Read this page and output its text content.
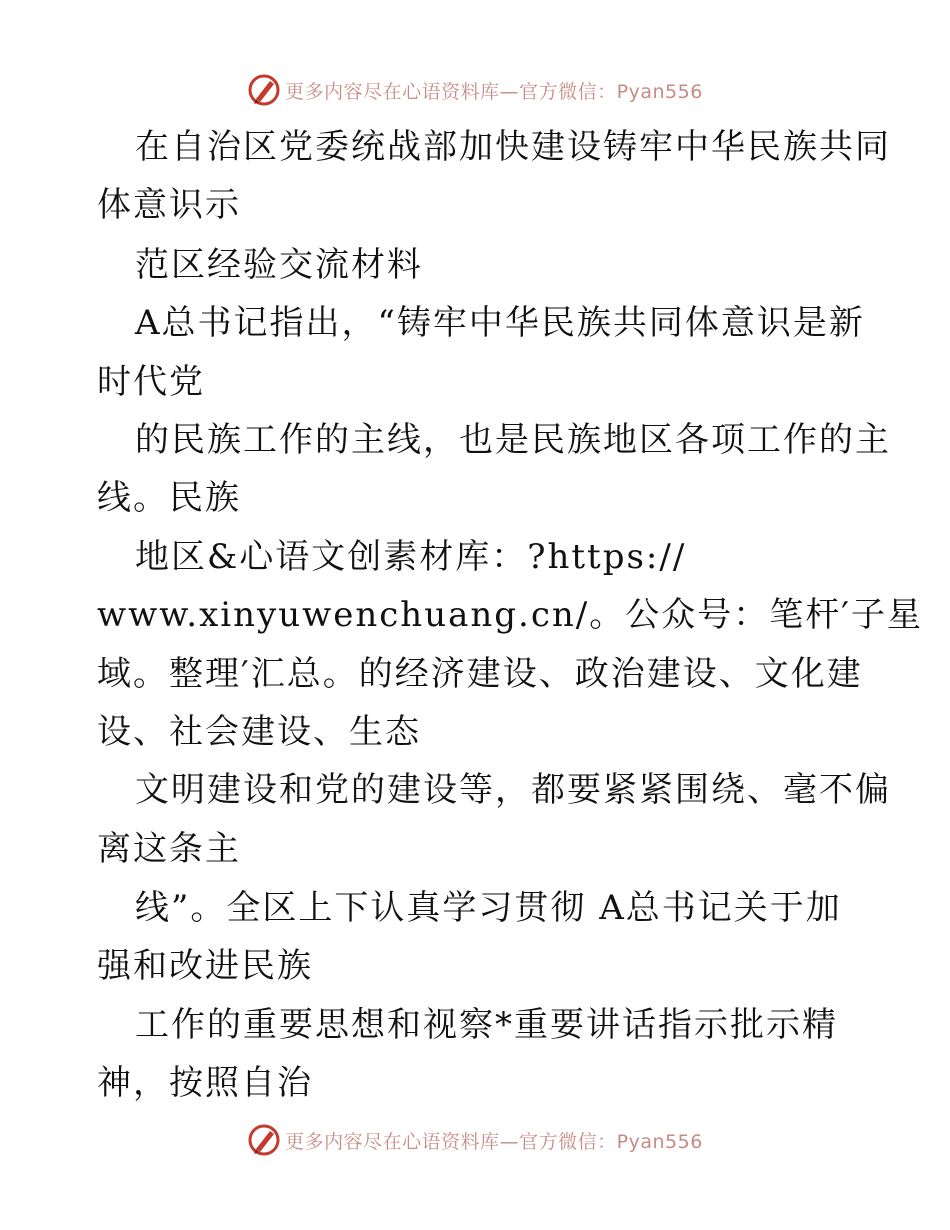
更多内容尽在心语资料库—官方微信：Pyan556
在自治区党委统战部加快建设铸牢中华民族共同
体意识示
范区经验交流材料
A总书记指出，“铸牢中华民族共同体意识是新
时代党
的民族工作的主线，也是民族地区各项工作的主
线。民族
地区&心语文创素材库：?https://
www.xinyuwenchuang.cn/。公众号：笔杆′子星
域。整理′汇总。的经济建设、政治建设、文化建
设、社会建设、生态
文明建设和党的建设等，都要紧紧围绕、毫不偏
离这条主
线”。全区上下认真学习贯彻 A总书记关于加
强和改进民族
工作的重要思想和视察*重要讲话指示批示精
神，按照自治
更多内容尽在心语资料库—官方微信：Pyan556
